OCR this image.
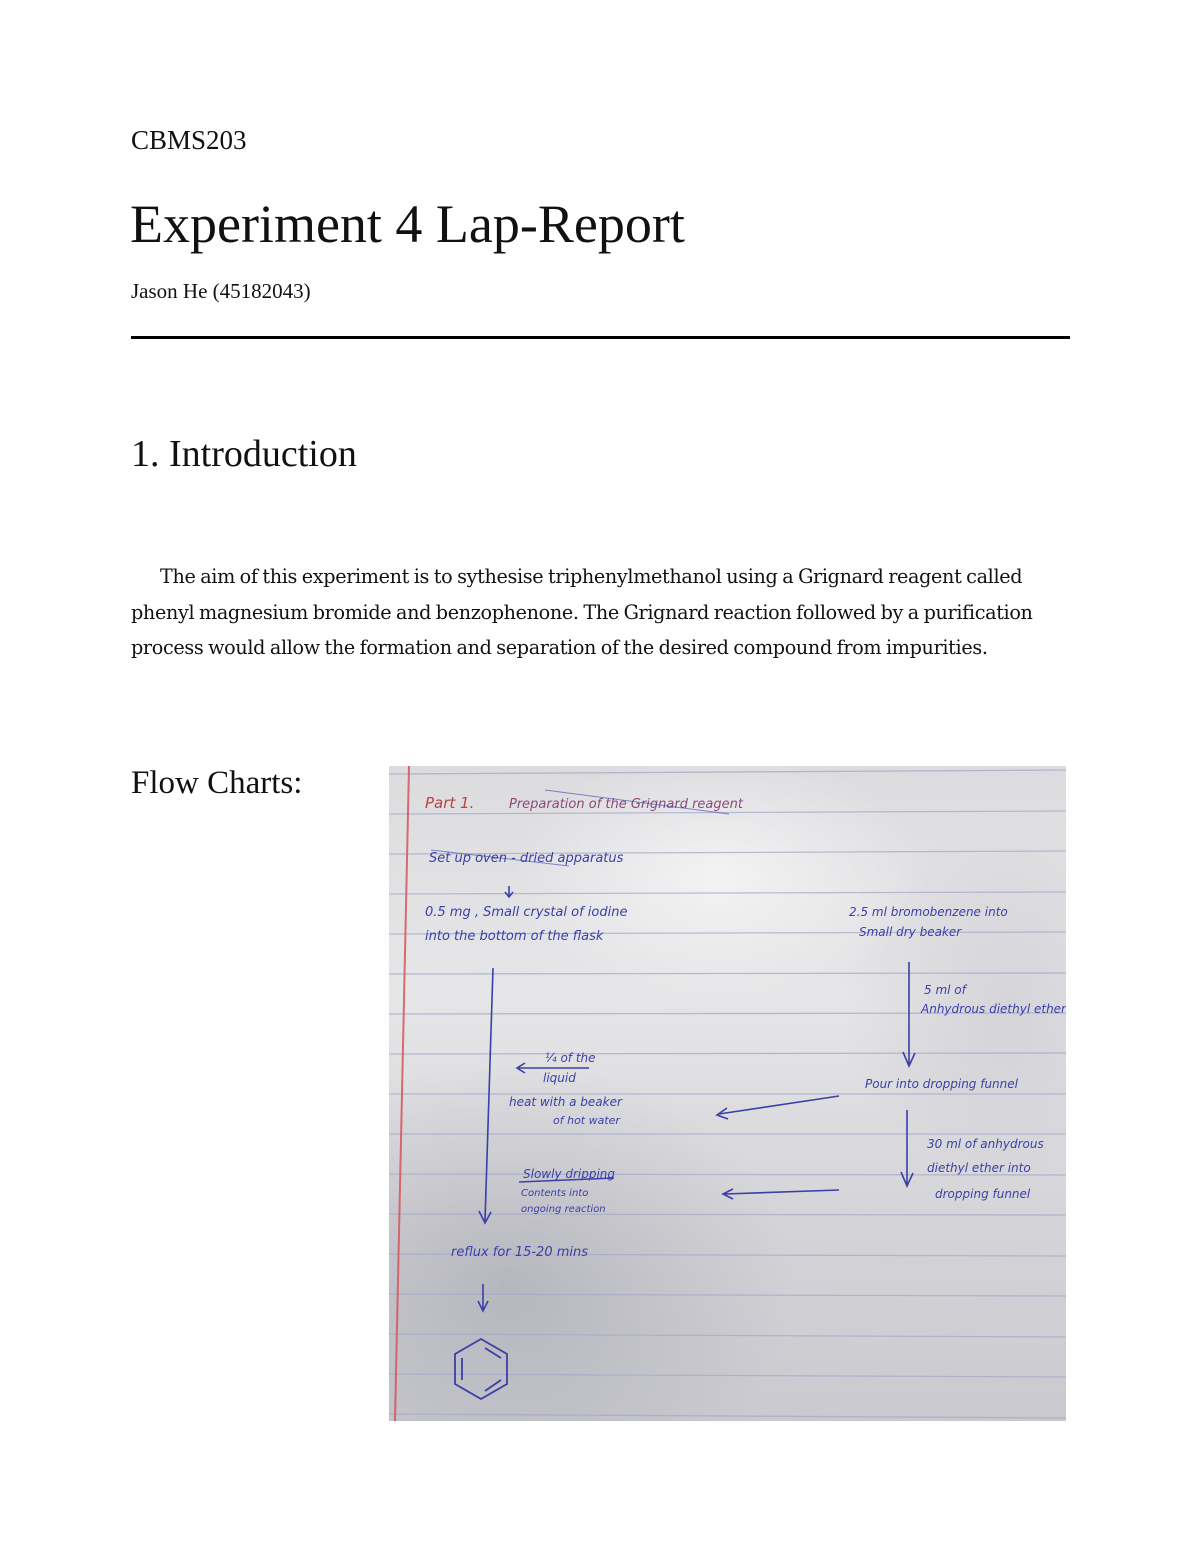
CBMS203
Experiment 4 Lap-Report
Jason He (45182043)
1. Introduction

The aim of this experiment is to sythesise triphenylmethanol using a Grignard reagent called phenyl magnesium bromide and benzophenone. The Grignard reaction followed by a purification process would allow the formation and separation of the desired compound from impurities.

Flow Charts:
Part 1.	Preparation of the Grignard reagent
Set up oven - dried apparatus
0.5 mg , Small crystal of iodine
into the bottom of the flask
2.5 ml bromobenzene into
Small dry beaker
5 ml of
Anhydrous diethyl ether
Pour into dropping funnel
¼ of the
liquid
heat with a beaker
of hot water
30 ml of anhydrous
diethyl ether into
dropping funnel
Slowly dripping
Contents into
ongoing reaction
reflux for 15-20 mins
